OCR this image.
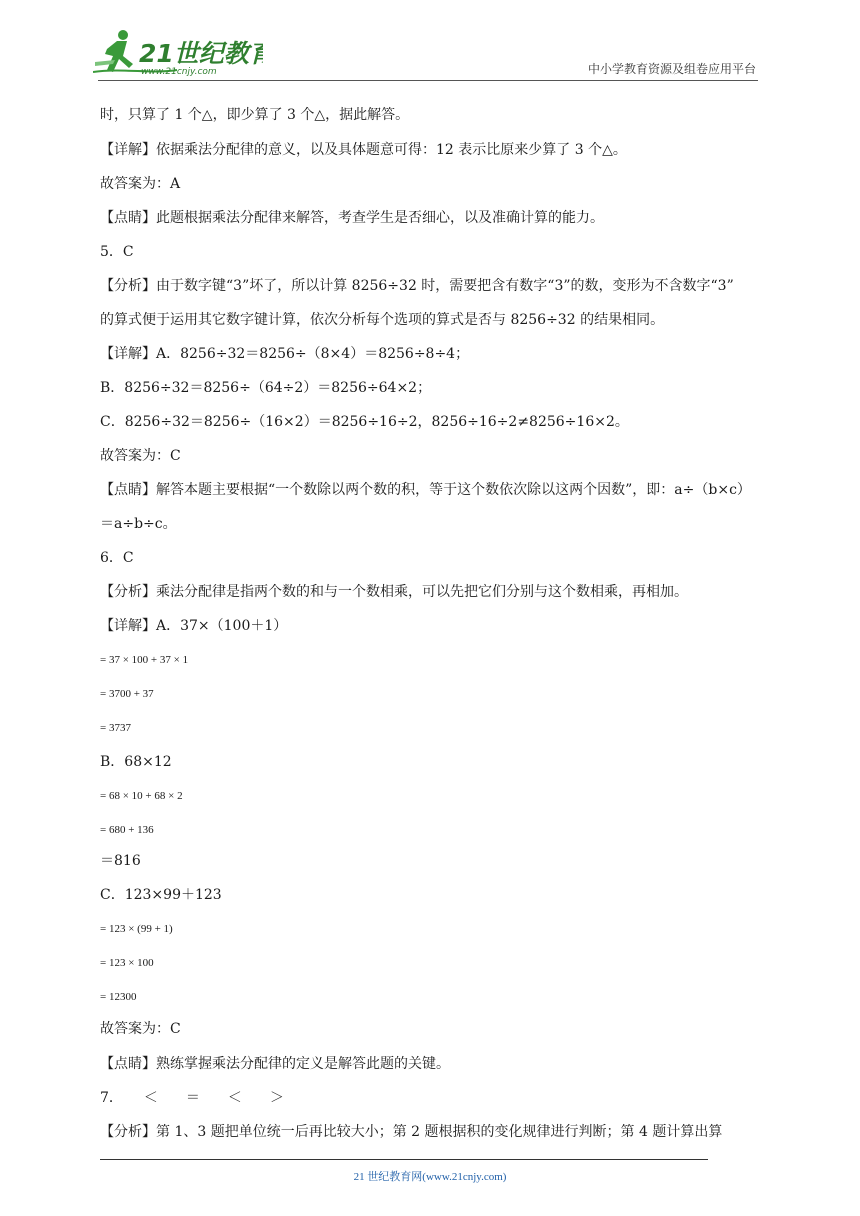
21世纪教育
www.21cnjy.com	中小学教育资源及组卷应用平台
时，只算了 1 个△，即少算了 3 个△，据此解答。
【详解】依据乘法分配律的意义，以及具体题意可得：12 表示比原来少算了 3 个△。
故答案为：A
【点睛】此题根据乘法分配律来解答，考查学生是否细心，以及准确计算的能力。
5．C
【分析】由于数字键“3”坏了，所以计算 8256÷32 时，需要把含有数字“3”的数，变形为不含数字“3”
的算式便于运用其它数字键计算，依次分析每个选项的算式是否与 8256÷32 的结果相同。
【详解】A．8256÷32＝8256÷（8×4）＝8256÷8÷4；
B．8256÷32＝8256÷（64÷2）＝8256÷64×2；
C．8256÷32＝8256÷（16×2）＝8256÷16÷2，8256÷16÷2≠8256÷16×2。
故答案为：C
【点睛】解答本题主要根据“一个数除以两个数的积，等于这个数依次除以这两个因数”，即：a÷（b×c）
＝a÷b÷c。
6．C
【分析】乘法分配律是指两个数的和与一个数相乘，可以先把它们分别与这个数相乘，再相加。
【详解】A．37×（100＋1）
= 37 × 100 + 37 × 1
= 3700 + 37
= 3737
B．68×12
= 68 × 10 + 68 × 2
= 680 + 136
＝816
C．123×99＋123
= 123 × (99 + 1)
= 123 × 100
= 12300
故答案为：C
【点睛】熟练掌握乘法分配律的定义是解答此题的关键。
7．　　＜　　＝　　＜　　＞
【分析】第 1、3 题把单位统一后再比较大小；第 2 题根据积的变化规律进行判断；第 4 题计算出算
21 世纪教育网(www.21cnjy.com)
